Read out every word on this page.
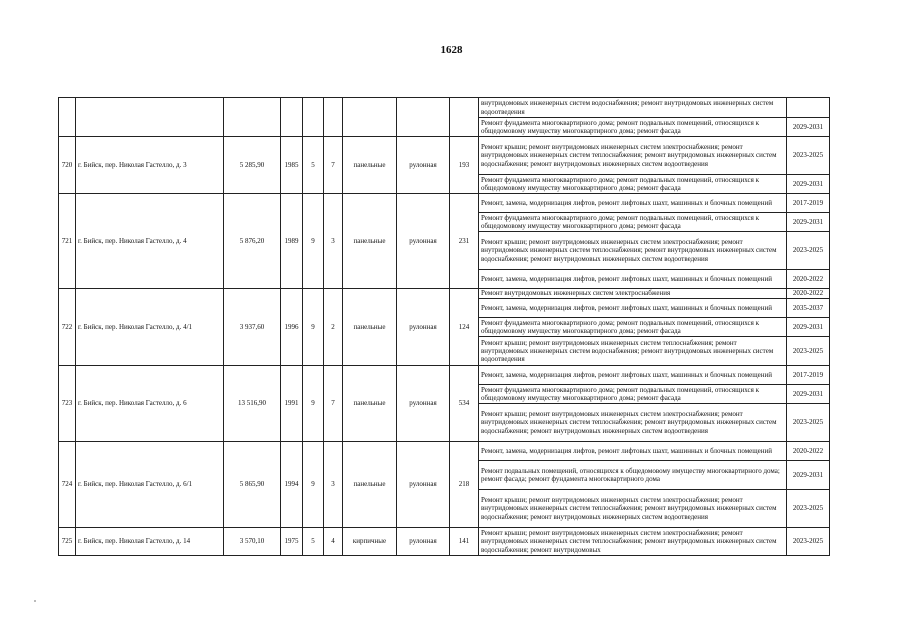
1628
									внутридомовых инженерных систем водоснабжения; ремонт внутридомовых инженерных систем водоотведения	
									Ремонт фундамента многоквартирного дома; ремонт подвальных помещений, относящихся к общедомовому имуществу многоквартирного дома; ремонт фасада	2029-2031
720	г. Бийск, пер. Николая Гастелло, д. 3	5 285,90	1985	5	7	панельные	рулонная	193	Ремонт крыши; ремонт внутридомовых инженерных систем электроснабжения; ремонт внутридомовых инженерных систем теплоснабжения; ремонт внутридомовых инженерных систем водоснабжения; ремонт внутридомовых инженерных систем водоотведения	2023-2025
									Ремонт фундамента многоквартирного дома; ремонт подвальных помещений, относящихся к общедомовому имуществу многоквартирного дома; ремонт фасада	2029-2031
721	г. Бийск, пер. Николая Гастелло, д. 4	5 876,20	1989	9	3	панельные	рулонная	231	Ремонт, замена, модернизация лифтов, ремонт лифтовых шахт, машинных и блочных помещений	2017-2019
									Ремонт фундамента многоквартирного дома; ремонт подвальных помещений, относящихся к общедомовому имуществу многоквартирного дома; ремонт фасада	2029-2031
									Ремонт крыши; ремонт внутридомовых инженерных систем электроснабжения; ремонт внутридомовых инженерных систем теплоснабжения; ремонт внутридомовых инженерных систем водоснабжения; ремонт внутридомовых инженерных систем водоотведения	2023-2025
									Ремонт, замена, модернизация лифтов, ремонт лифтовых шахт, машинных и блочных помещений	2020-2022
722	г. Бийск, пер. Николая Гастелло, д. 4/1	3 937,60	1996	9	2	панельные	рулонная	124	Ремонт внутридомовых инженерных систем электроснабжения	2020-2022
									Ремонт, замена, модернизация лифтов, ремонт лифтовых шахт, машинных и блочных помещений	2035-2037
									Ремонт фундамента многоквартирного дома; ремонт подвальных помещений, относящихся к общедомовому имуществу многоквартирного дома; ремонт фасада	2029-2031
									Ремонт крыши; ремонт внутридомовых инженерных систем теплоснабжения; ремонт внутридомовых инженерных систем водоснабжения; ремонт внутридомовых инженерных систем водоотведения	2023-2025
723	г. Бийск, пер. Николая Гастелло, д. 6	13 516,90	1991	9	7	панельные	рулонная	534	Ремонт, замена, модернизация лифтов, ремонт лифтовых шахт, машинных и блочных помещений	2017-2019
									Ремонт фундамента многоквартирного дома; ремонт подвальных помещений, относящихся к общедомовому имуществу многоквартирного дома; ремонт фасада	2029-2031
									Ремонт крыши; ремонт внутридомовых инженерных систем электроснабжения; ремонт внутридомовых инженерных систем теплоснабжения; ремонт внутридомовых инженерных систем водоснабжения; ремонт внутридомовых инженерных систем водоотведения	2023-2025
724	г. Бийск, пер. Николая Гастелло, д. 6/1	5 865,90	1994	9	3	панельные	рулонная	218	Ремонт, замена, модернизация лифтов, ремонт лифтовых шахт, машинных и блочных помещений	2020-2022
									Ремонт подвальных помещений, относящихся к общедомовому имуществу многоквартирного дома; ремонт фасада; ремонт фундамента многоквартирного дома	2029-2031
									Ремонт крыши; ремонт внутридомовых инженерных систем электроснабжения; ремонт внутридомовых инженерных систем теплоснабжения; ремонт внутридомовых инженерных систем водоснабжения; ремонт внутридомовых инженерных систем водоотведения	2023-2025
725	г. Бийск, пер. Николая Гастелло, д. 14	3 570,10	1975	5	4	кирпичные	рулонная	141	Ремонт крыши; ремонт внутридомовых инженерных систем электроснабжения; ремонт внутридомовых инженерных систем теплоснабжения; ремонт внутридомовых инженерных систем водоснабжения; ремонт внутридомовых	2023-2025
